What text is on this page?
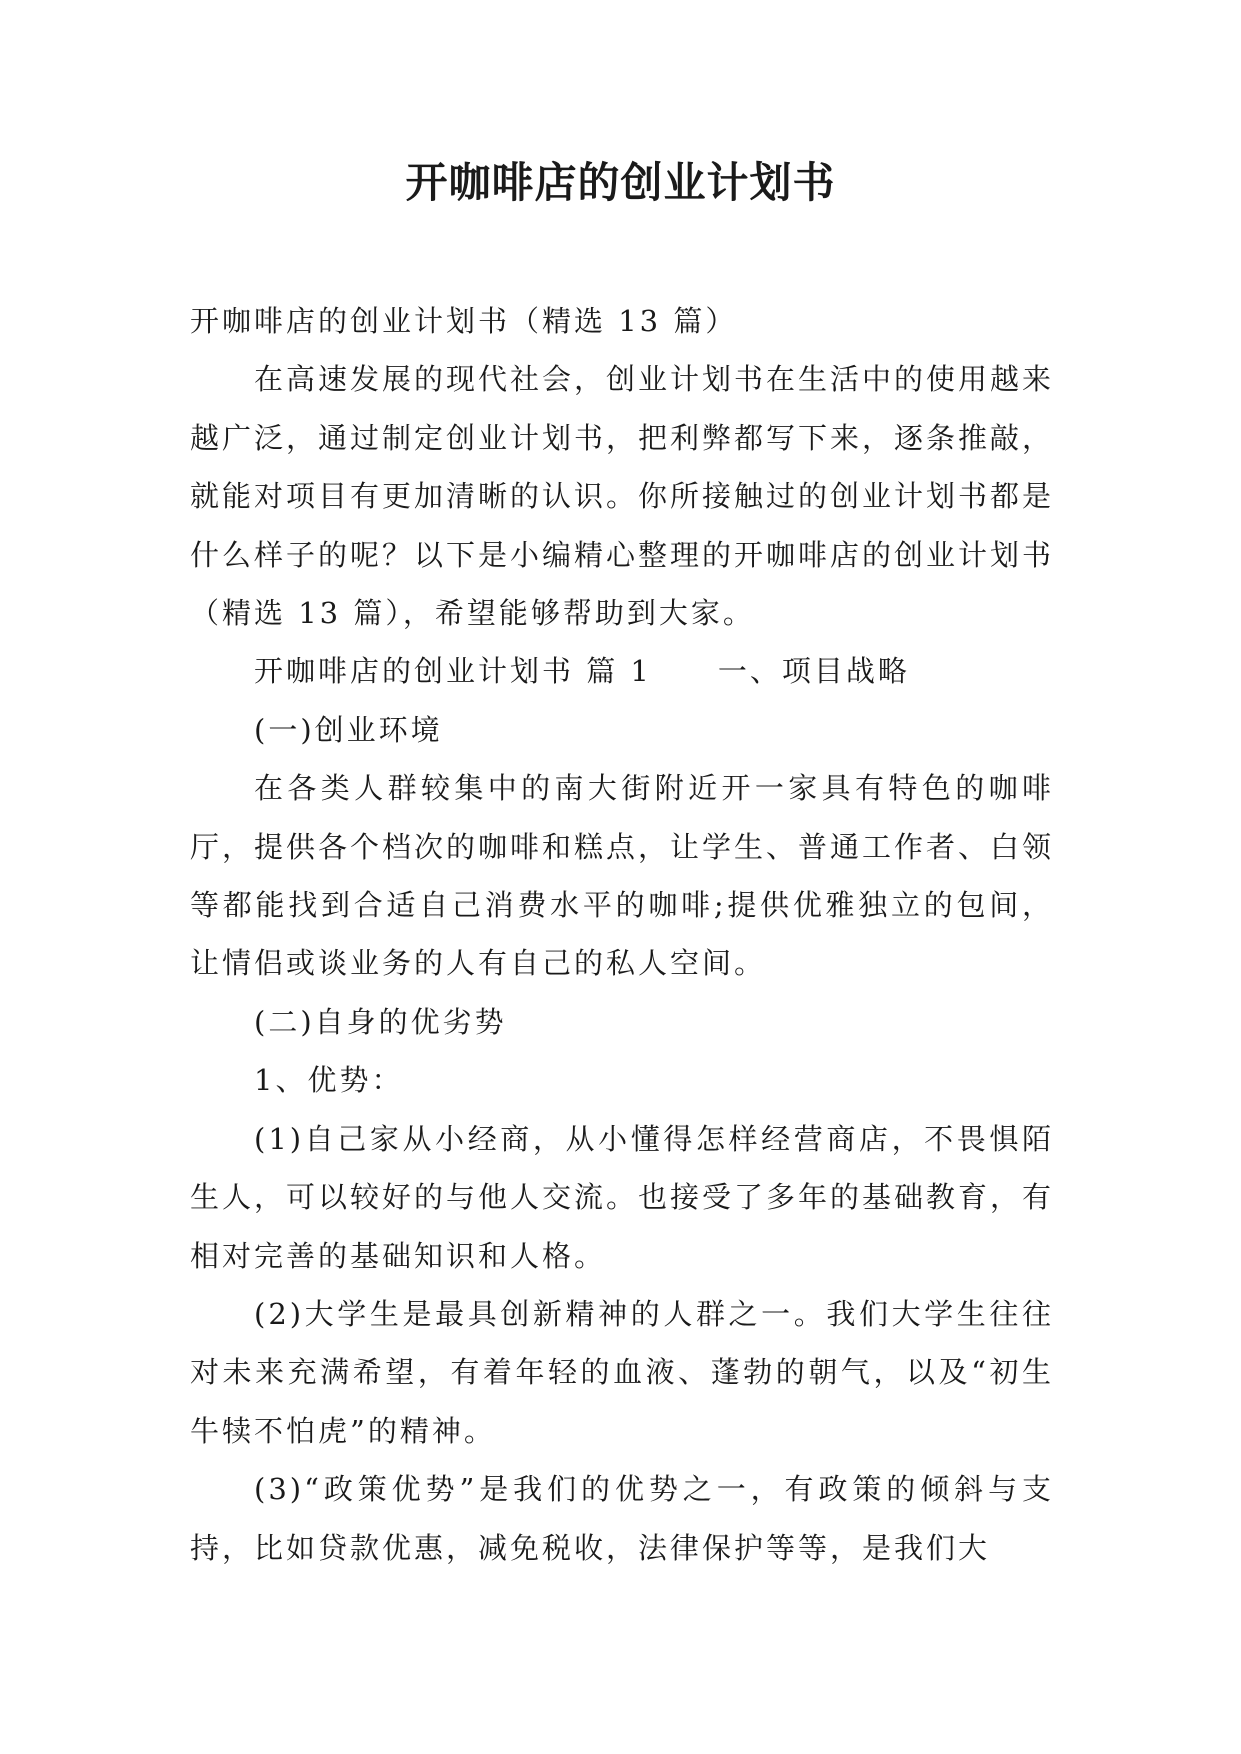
开咖啡店的创业计划书

开咖啡店的创业计划书（精选 13 篇）

在高速发展的现代社会，创业计划书在生活中的使用越来越广泛，通过制定创业计划书，把利弊都写下来，逐条推敲，就能对项目有更加清晰的认识。你所接触过的创业计划书都是什么样子的呢？以下是小编精心整理的开咖啡店的创业计划书（精选 13 篇），希望能够帮助到大家。

开咖啡店的创业计划书 篇 1 一、项目战略

(一)创业环境

在各类人群较集中的南大街附近开一家具有特色的咖啡厅，提供各个档次的咖啡和糕点，让学生、普通工作者、白领等都能找到合适自己消费水平的咖啡;提供优雅独立的包间，让情侣或谈业务的人有自己的私人空间。

(二)自身的优劣势

1、优势：

(1)自己家从小经商，从小懂得怎样经营商店，不畏惧陌生人，可以较好的与他人交流。也接受了多年的基础教育，有相对完善的基础知识和人格。

(2)大学生是最具创新精神的人群之一。我们大学生往往对未来充满希望，有着年轻的血液、蓬勃的朝气，以及“初生牛犊不怕虎”的精神。

(3)“政策优势”是我们的优势之一，有政策的倾斜与支持，比如贷款优惠，减免税收，法律保护等等，是我们大
